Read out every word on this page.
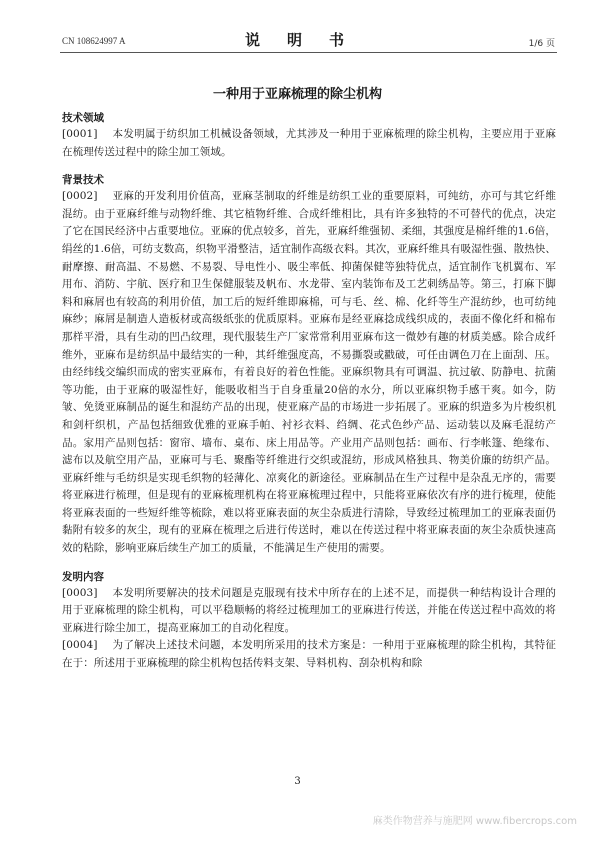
CN 108624997 A	说　明　书	1/6 页
一种用于亚麻梳理的除尘机构
技术领域

[0001]　本发明属于纺织加工机械设备领域，尤其涉及一种用于亚麻梳理的除尘机构，主要应用于亚麻在梳理传送过程中的除尘加工领域。

背景技术

[0002]　亚麻的开发利用价值高，亚麻茎制取的纤维是纺织工业的重要原料，可纯纺，亦可与其它纤维混纺。由于亚麻纤维与动物纤维、其它植物纤维、合成纤维相比，具有许多独特的不可替代的优点，决定了它在国民经济中占重要地位。亚麻的优点较多，首先，亚麻纤维强韧、柔细，其强度是棉纤维的1.6倍，绢丝的1.6倍，可纺支数高，织物平滑整洁，适宜制作高级衣料。其次，亚麻纤维具有吸湿性强、散热快、耐摩擦、耐高温、不易燃、不易裂、导电性小、吸尘率低、抑菌保健等独特优点，适宜制作飞机翼布、军用布、消防、宇航、医疗和卫生保健服装及帆布、水龙带、室内装饰布及工艺刺绣品等。第三，打麻下脚料和麻屑也有较高的利用价值，加工后的短纤维即麻棉，可与毛、丝、棉、化纤等生产混纺纱，也可纺纯麻纱；麻屑是制造人造板材或高级纸张的优质原料。亚麻布是经亚麻捻成线织成的，表面不像化纤和棉布那样平滑，具有生动的凹凸纹理，现代服装生产厂家常常利用亚麻布这一微妙有趣的材质美感。除合成纤维外，亚麻布是纺织品中最结实的一种，其纤维强度高，不易撕裂或戳破，可任由调色刀在上面刮、压。由经纬线交编织而成的密实亚麻布，有着良好的着色性能。亚麻织物具有可调温、抗过敏、防静电、抗菌等功能，由于亚麻的吸湿性好，能吸收相当于自身重量20倍的水分，所以亚麻织物手感干爽。如今，防皱、免烫亚麻制品的诞生和混纺产品的出现，使亚麻产品的市场进一步拓展了。亚麻的织造多为片梭织机和剑杆织机，产品包括细致优雅的亚麻手帕、衬衫衣料、绉绸、花式色纱产品、运动装以及麻毛混纺产品。家用产品则包括：窗帘、墙布、桌布、床上用品等。产业用产品则包括：画布、行李帐篷、绝缘布、滤布以及航空用产品，亚麻可与毛、聚酯等纤维进行交织或混纺，形成风格独具、物美价廉的纺织产品。亚麻纤维与毛纺织是实现毛织物的轻薄化、凉爽化的新途径。亚麻制品在生产过程中是杂乱无序的，需要将亚麻进行梳理，但是现有的亚麻梳理机构在将亚麻梳理过程中，只能将亚麻依次有序的进行梳理，使能将亚麻表面的一些短纤维等梳除，难以将亚麻表面的灰尘杂质进行清除，导致经过梳理加工的亚麻表面仍黏附有较多的灰尘，现有的亚麻在梳理之后进行传送时，难以在传送过程中将亚麻表面的灰尘杂质快速高效的粘除，影响亚麻后续生产加工的质量，不能满足生产使用的需要。

发明内容

[0003]　本发明所要解决的技术问题是克服现有技术中所存在的上述不足，而提供一种结构设计合理的用于亚麻梳理的除尘机构，可以平稳顺畅的将经过梳理加工的亚麻进行传送，并能在传送过程中高效的将亚麻进行除尘加工，提高亚麻加工的自动化程度。

[0004]　为了解决上述技术问题，本发明所采用的技术方案是：一种用于亚麻梳理的除尘机构，其特征在于：所述用于亚麻梳理的除尘机构包括传料支架、导料机构、刮杂机构和除

3
麻类作物营养与施肥网 www.fibercrops.com
